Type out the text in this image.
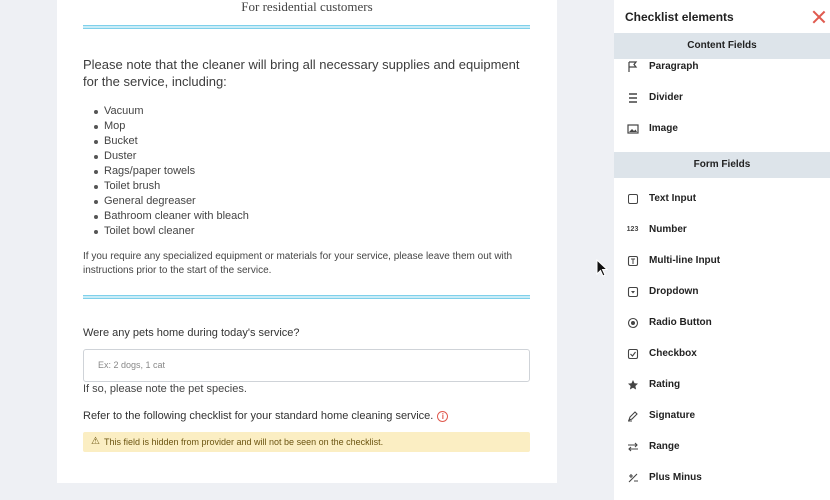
For residential customers
Please note that the cleaner will bring all necessary supplies and equipment for the service, including:
Vacuum
Mop
Bucket
Duster
Rags/paper towels
Toilet brush
General degreaser
Bathroom cleaner with bleach
Toilet bowl cleaner
If you require any specialized equipment or materials for your service, please leave them out with instructions prior to the start of the service.
Were any pets home during today's service?
Ex: 2 dogs, 1 cat
If so, please note the pet species.
Refer to the following checklist for your standard home cleaning service.	i
⚠ This field is hidden from provider and will not be seen on the checklist.
Checklist elements
Content Fields
Paragraph
Divider
Image
Form Fields
Text Input
123 Number
Multi-line Input
Dropdown
Radio Button
Checkbox
Rating
Signature
Range
Plus Minus
